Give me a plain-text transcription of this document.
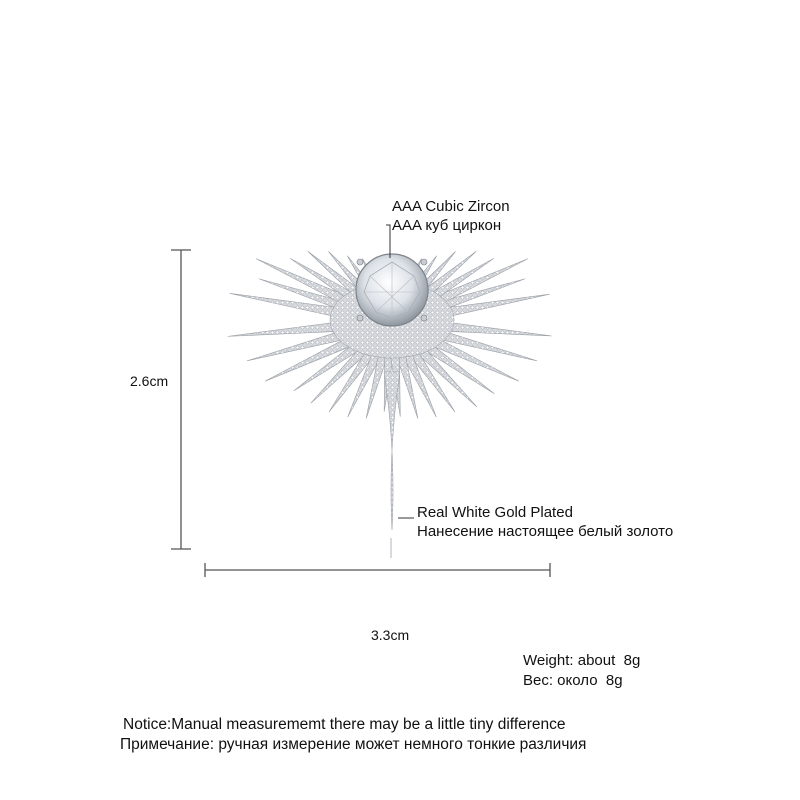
AAA Cubic Zircon
AAA куб циркон
Real White Gold Plated
Нанесение настоящее белый золото
2.6cm
3.3cm
Weight: about  8g
Bec: около  8g
Notice:Manual measurememt there may be a little tiny difference
Примечание: ручная измерение может немного тонкие различия
